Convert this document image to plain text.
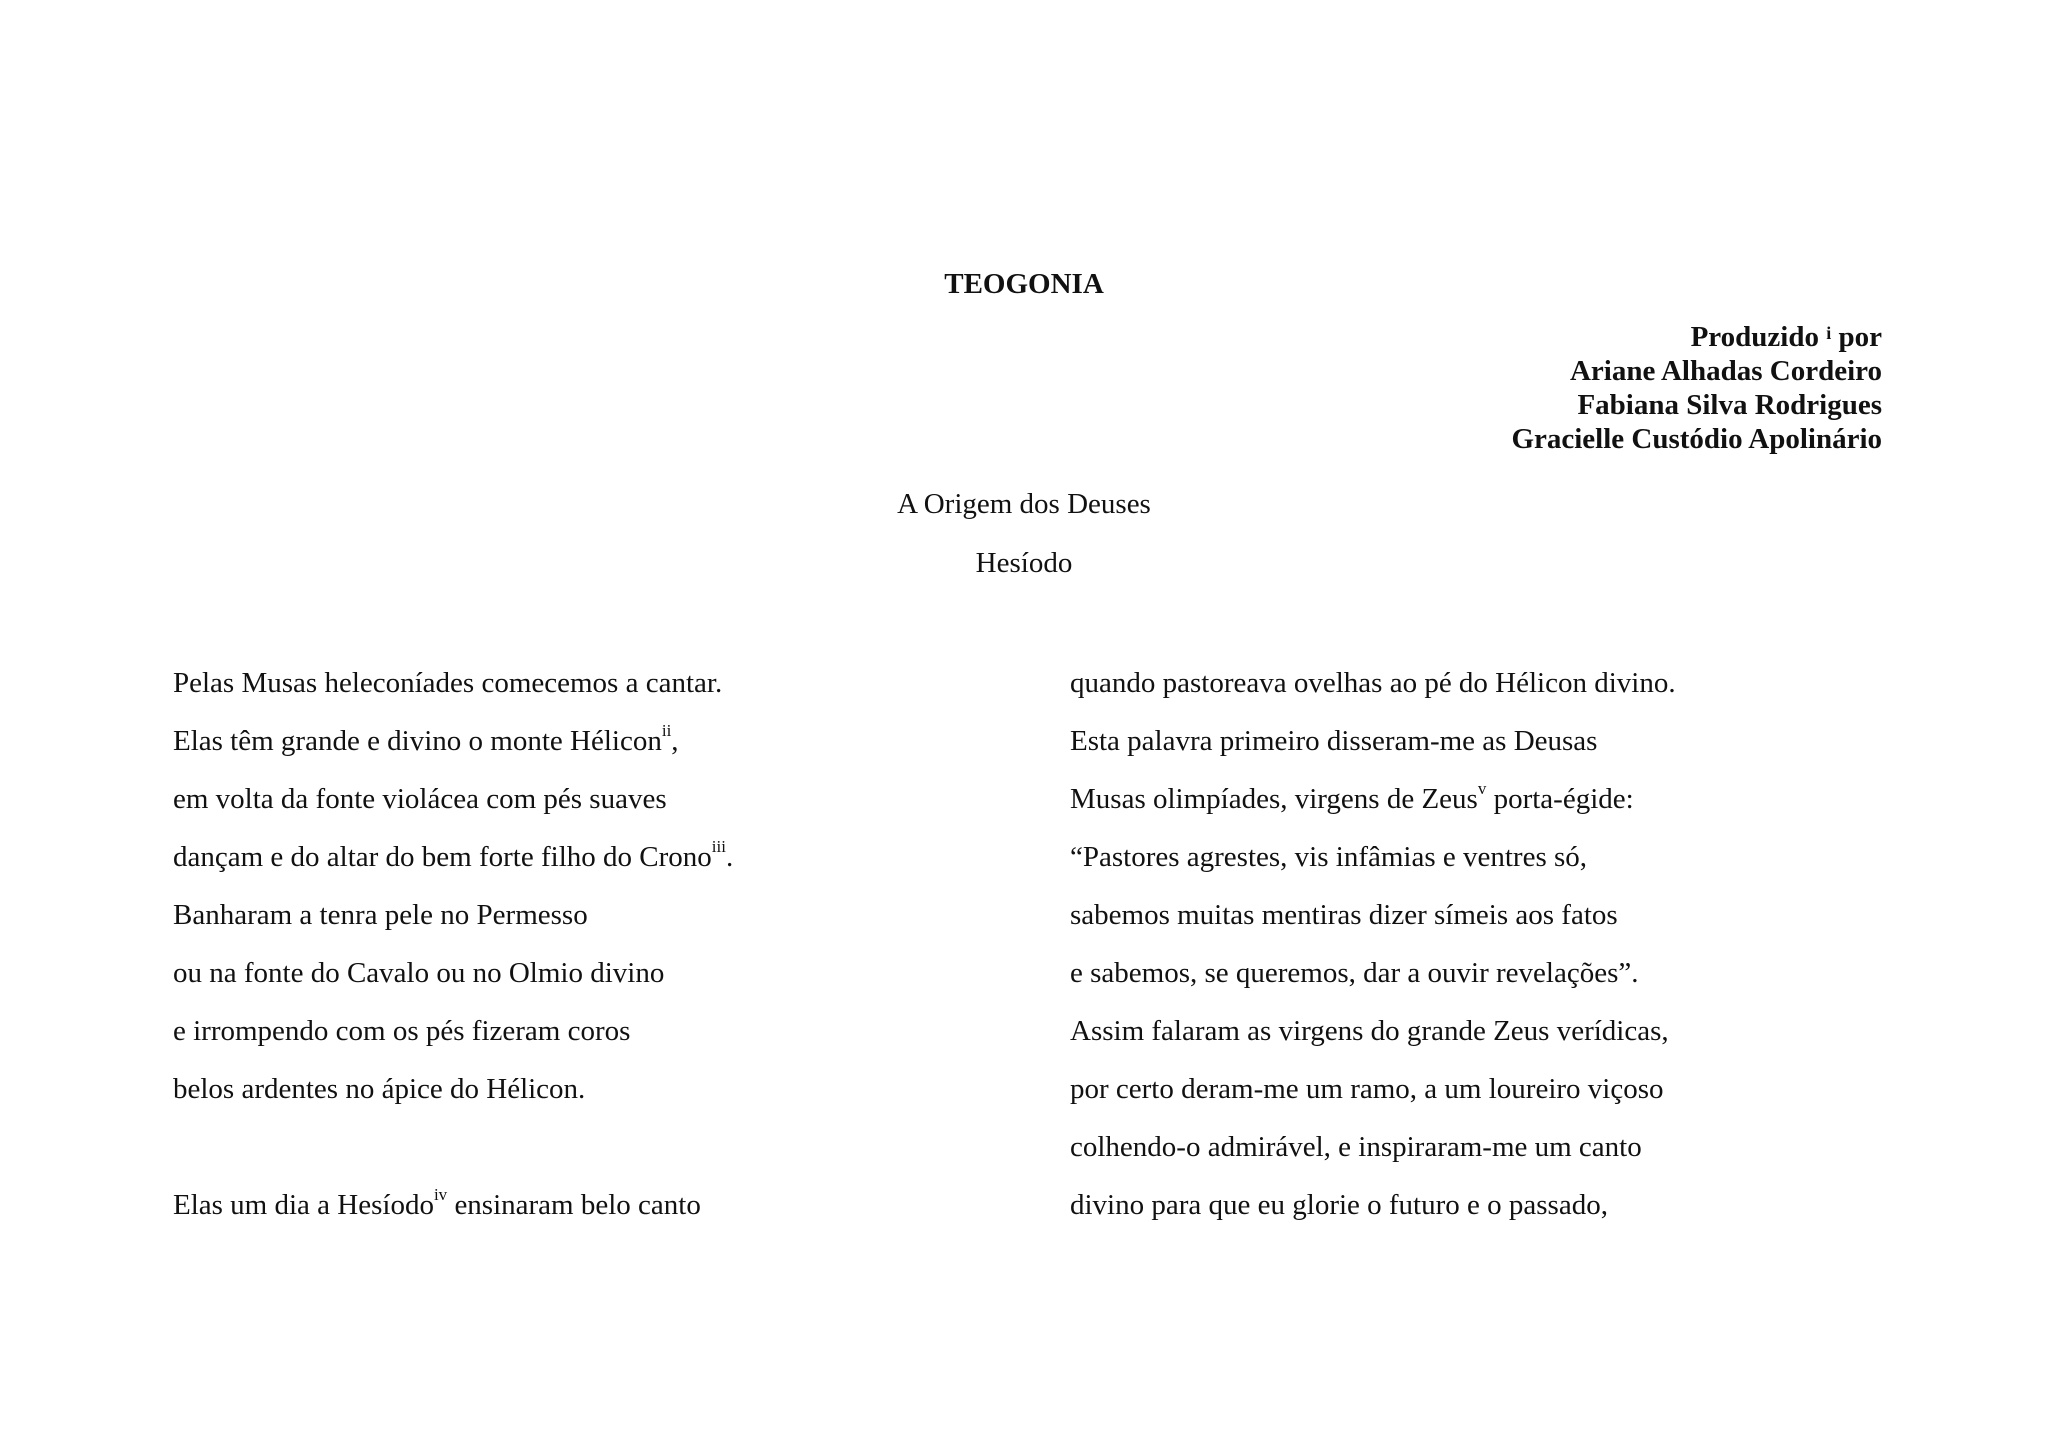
TEOGONIA
Produzido $^i$ por
Ariane Alhadas Cordeiro
Fabiana Silva Rodrigues
Gracielle Custódio Apolinário
A Origem dos Deuses
Hesíodo
Pelas Musas heleconíades comecemos a cantar.
Elas têm grande e divino o monte Hélicon$^{ii}$,
em volta da fonte violácea com pés suaves
dançam e do altar do bem forte filho do Crono$^{iii}$.
Banharam a tenra pele no Permesso
ou na fonte do Cavalo ou no Olmio divino
e irrompendo com os pés fizeram coros
belos ardentes no ápice do Hélicon.
Elas um dia a Hesíodo$^{iv}$ ensinaram belo canto
quando pastoreava ovelhas ao pé do Hélicon divino.
Esta palavra primeiro disseram-me as Deusas
Musas olimpíades, virgens de Zeus$^v$ porta-égide:
“Pastores agrestes, vis infâmias e ventres só,
sabemos muitas mentiras dizer símeis aos fatos
e sabemos, se queremos, dar a ouvir revelações”.
Assim falaram as virgens do grande Zeus verídicas,
por certo deram-me um ramo, a um loureiro viçoso
colhendo-o admirável, e inspiraram-me um canto
divino para que eu glorie o futuro e o passado,
